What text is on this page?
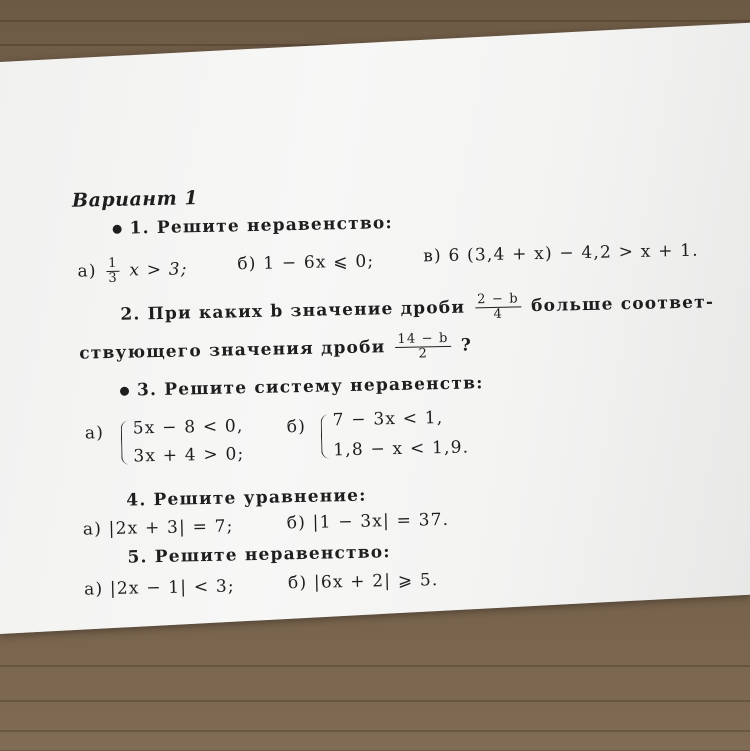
Вариант 1
1. Решите неравенство:
$а) \frac{1}{3}$ x > 3;	б) 1 − 6x ⩽ 0;	в) 6 (3,4 + x) − 4,2 > x + 1.
2. При каких b значение дроби $\frac{2 - b}{4}$ больше соответ-
ствующего значения дроби $\frac{14 - b}{2}$ ?
3. Решите систему неравенств:
а) 5x − 8 < 0,
3x + 4 > 0;
б) 7 − 3x < 1,
1,8 − x < 1,9.
4. Решите уравнение:
а) |2x + 3| = 7;	б) |1 − 3x| = 37.
5. Решите неравенство:
а) |2x − 1| < 3;	б) |6x + 2| ⩾ 5.
